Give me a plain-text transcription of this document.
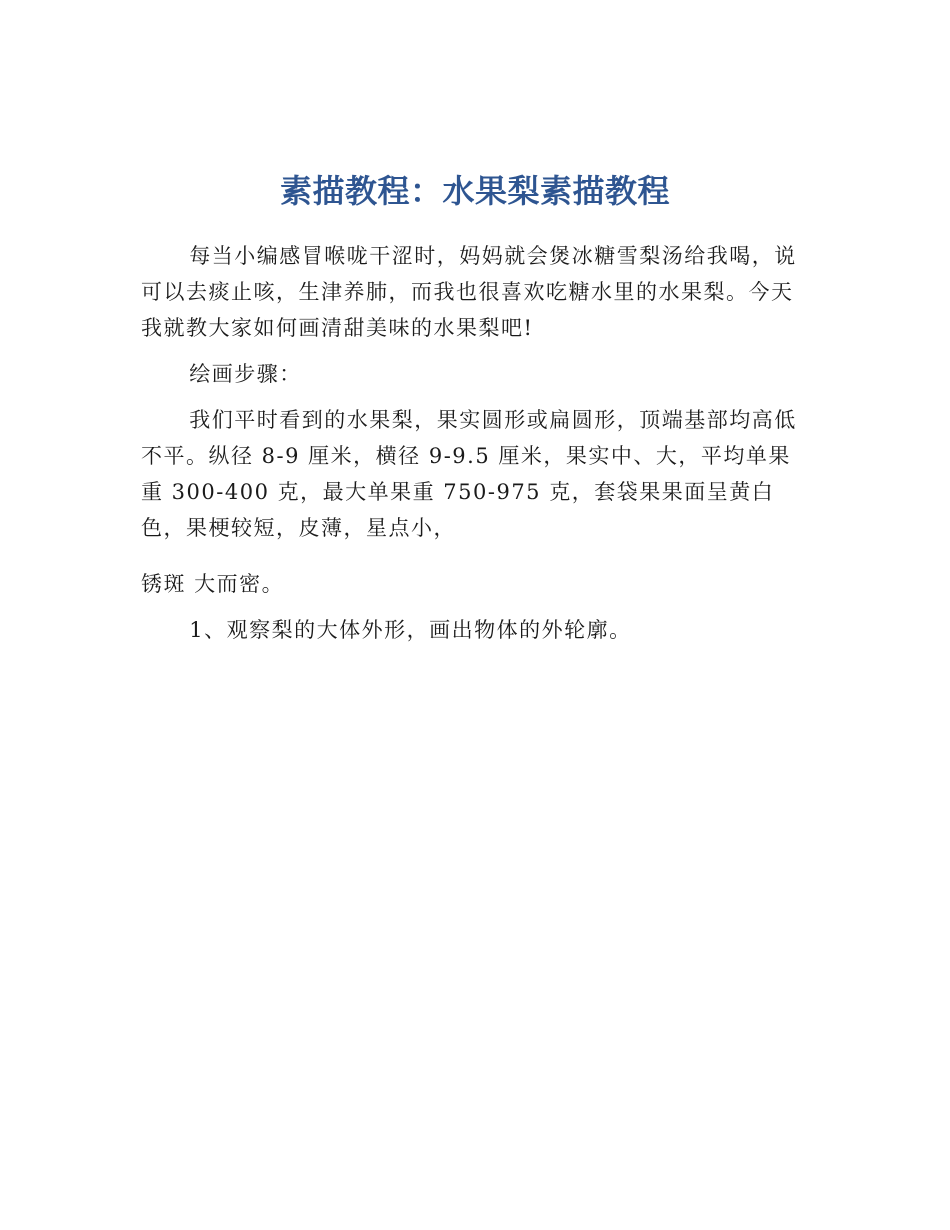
素描教程：水果梨素描教程

每当小编感冒喉咙干涩时，妈妈就会煲冰糖雪梨汤给我喝，说可以去痰止咳，生津养肺，而我也很喜欢吃糖水里的水果梨。今天我就教大家如何画清甜美味的水果梨吧!

绘画步骤：

我们平时看到的水果梨，果实圆形或扁圆形，顶端基部均高低不平。纵径 8-9 厘米，横径 9-9.5 厘米，果实中、大，平均单果重 300-400 克，最大单果重 750-975 克，套袋果果面呈黄白色，果梗较短，皮薄，星点小，

锈斑 大而密。

1、观察梨的大体外形，画出物体的外轮廓。
